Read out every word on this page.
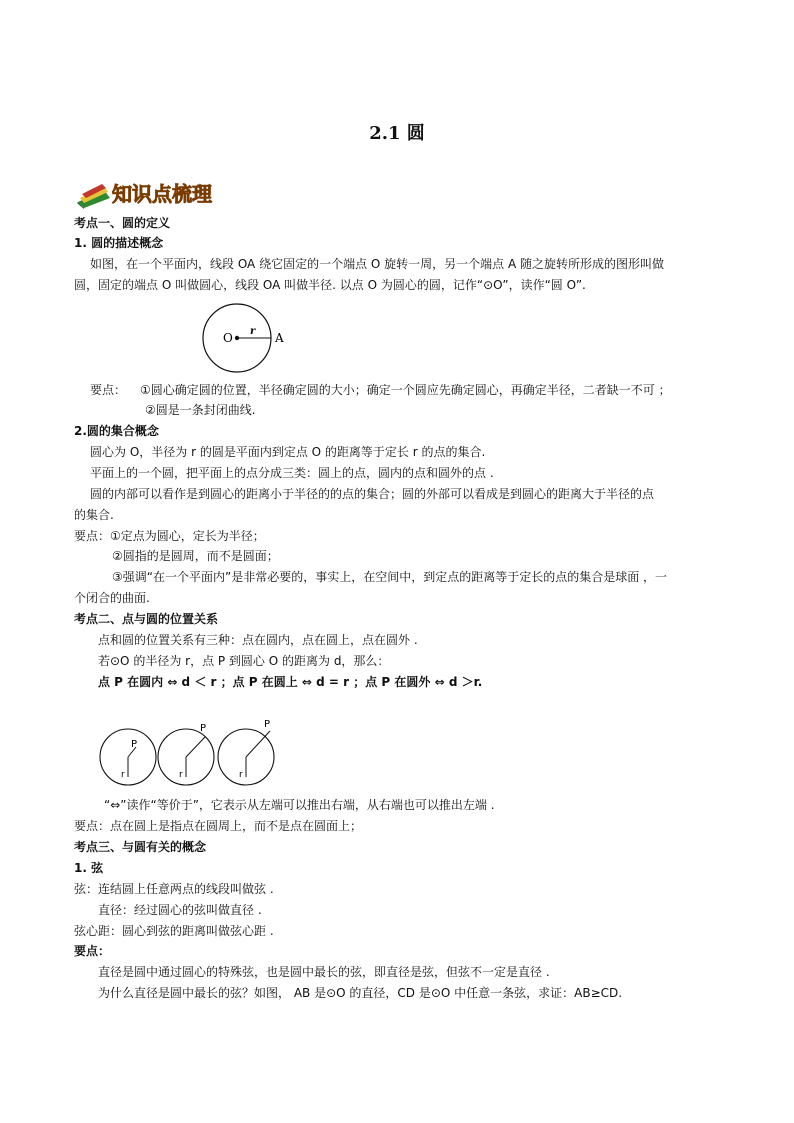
2.1 圆
知识点梳理
考点一、圆的定义
1. 圆的描述概念
如图，在一个平面内，线段 OA 绕它固定的一个端点 O 旋转一周，另一个端点 A 随之旋转所形成的图形叫做
圆，固定的端点 O 叫做圆心，线段 OA 叫做半径. 以点 O 为圆心的圆，记作“⊙O”，读作“圆 O”.
O	A
r
要点： ①圆心确定圆的位置，半径确定圆的大小；确定一个圆应先确定圆心，再确定半径，二者缺一不可 ；
②圆是一条封闭曲线.
2.圆的集合概念
圆心为 O，半径为 r 的圆是平面内到定点 O 的距离等于定长 r 的点的集合.
平面上的一个圆，把平面上的点分成三类：圆上的点，圆内的点和圆外的点 .
圆的内部可以看作是到圆心的距离小于半径的的点的集合；圆的外部可以看成是到圆心的距离大于半径的点
的集合.
要点：①定点为圆心，定长为半径；
②圆指的是圆周，而不是圆面；
③强调“在一个平面内”是非常必要的，事实上，在空间中，到定点的距离等于定长的点的集合是球面 ，一
个闭合的曲面.
考点二、点与圆的位置关系
点和圆的位置关系有三种：点在圆内，点在圆上，点在圆外 .
若⊙O 的半径为 r，点 P 到圆心 O 的距离为 d，那么：
点 P 在圆内 ⇔ d ＜ r ；点 P 在圆上 ⇔ d = r ；点 P 在圆外 ⇔ d ＞r.
P
r
P
r
P
r
“⇔”读作“等价于”，它表示从左端可以推出右端，从右端也可以推出左端 .
要点：点在圆上是指点在圆周上，而不是点在圆面上；
考点三、与圆有关的概念
1. 弦
弦：连结圆上任意两点的线段叫做弦 .
直径：经过圆心的弦叫做直径 .
弦心距：圆心到弦的距离叫做弦心距 .
要点：
直径是圆中通过圆心的特殊弦，也是圆中最长的弦，即直径是弦，但弦不一定是直径 .
为什么直径是圆中最长的弦？如图， AB 是⊙O 的直径，CD 是⊙O 中任意一条弦，求证：AB≥CD.
